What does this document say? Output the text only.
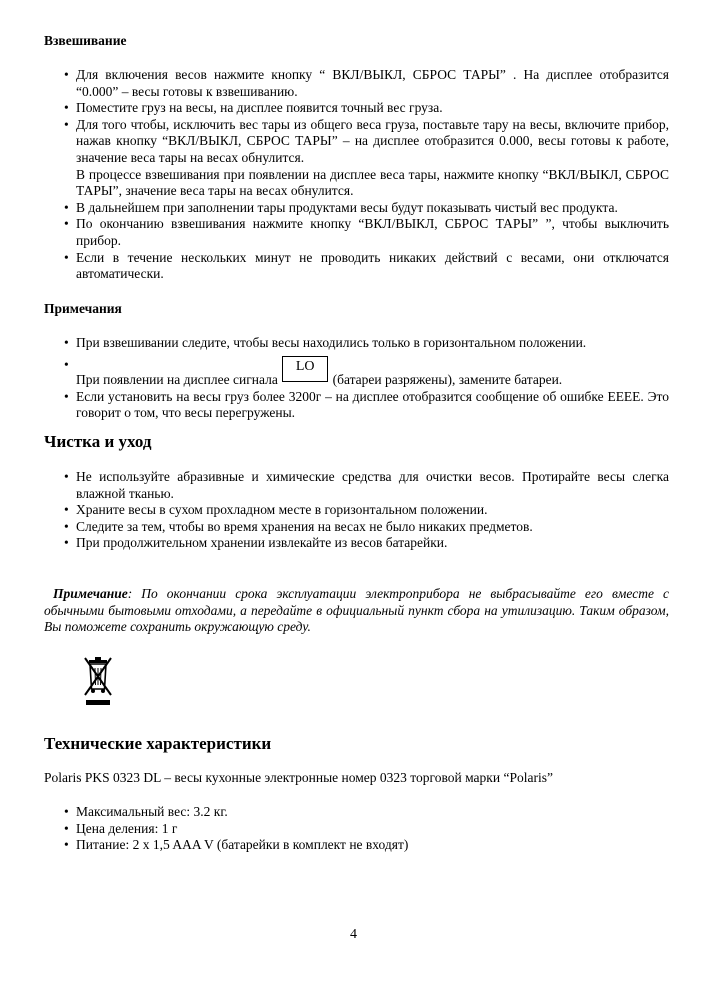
Взвешивание
• Для включения весов нажмите кнопку “ ВКЛ/ВЫКЛ, СБРОС ТАРЫ” . На дисплее отобразится “0.000” – весы готовы к взвешиванию.
• Поместите груз на весы, на дисплее появится точный вес груза.
• Для того чтобы, исключить вес тары из общего веса груза, поставьте тару на весы, включите прибор, нажав кнопку “ВКЛ/ВЫКЛ, СБРОС ТАРЫ” – на дисплее отобразится 0.000, весы готовы к работе, значение веса тары на весах обнулится.
В процессе взвешивания при появлении на дисплее веса тары, нажмите кнопку “ВКЛ/ВЫКЛ, СБРОС ТАРЫ”, значение веса тары на весах обнулится.
• В дальнейшем при заполнении тары продуктами весы будут показывать чистый вес продукта.
• По окончанию взвешивания нажмите кнопку “ВКЛ/ВЫКЛ, СБРОС ТАРЫ” ”, чтобы выключить прибор.
• Если в течение нескольких минут не проводить никаких действий с весами, они отключатся автоматически.
Примечания
• При взвешивании следите, чтобы весы находились только в горизонтальном положении.
• При появлении на дисплее сигнала
LO
(батареи разряжены), замените батареи.
• Если установить на весы груз более 3200г – на дисплее отобразится сообщение об ошибке EEEE. Это говорит о том, что весы перегружены.
Чистка и уход
• Не используйте абразивные и химические средства для очистки весов. Протирайте весы слегка влажной тканью.
• Храните весы в сухом прохладном месте в горизонтальном положении.
• Следите за тем, чтобы во время хранения на весах не было никаких предметов.
• При продолжительном хранении извлекайте из весов батарейки.
Примечание: По окончании срока эксплуатации электроприбора не выбрасывайте его вместе с обычными бытовыми отходами, а передайте в официальный пункт сбора на утилизацию. Таким образом, Вы поможете сохранить окружающую среду.
Технические характеристики
Polaris PKS 0323 DL – весы кухонные электронные номер 0323 торговой марки “Polaris”
• Максимальный вес: 3.2 кг.
• Цена деления: 1 г
• Питание: 2 x 1,5 AAA V (батарейки в комплект не входят)
4
